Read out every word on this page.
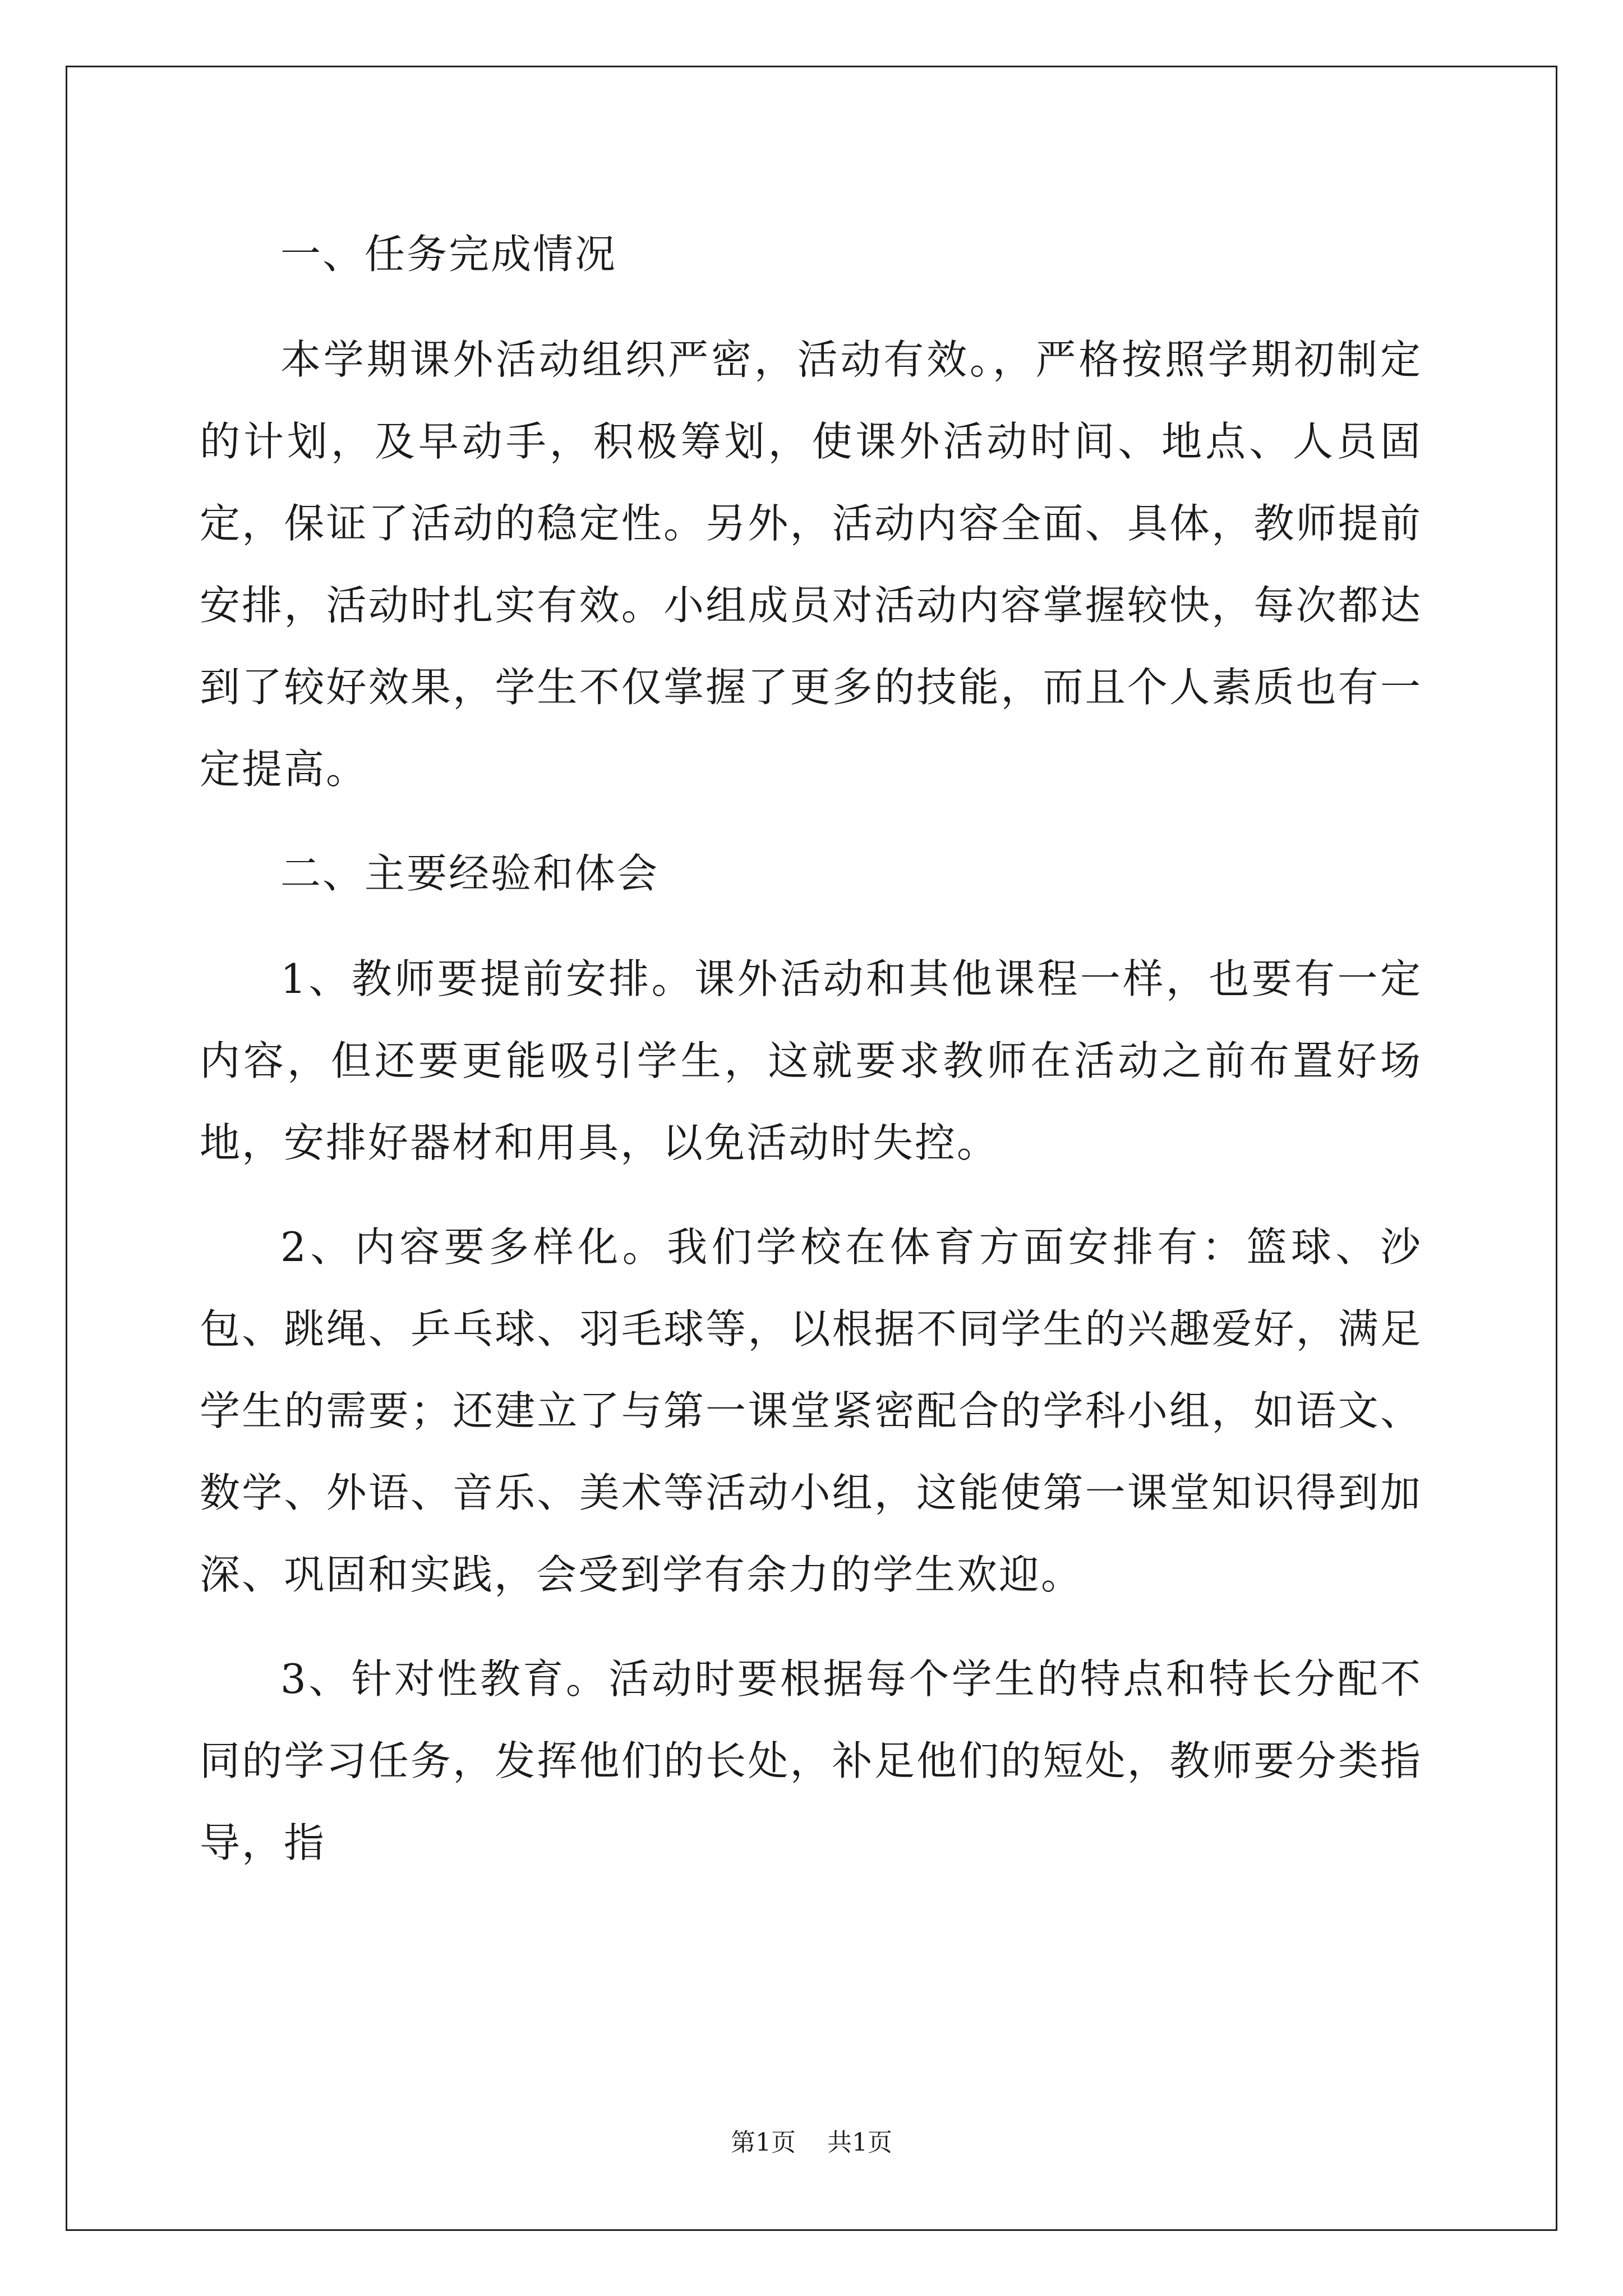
一、任务完成情况

本学期课外活动组织严密，活动有效。，严格按照学期初制定的计划，及早动手，积极筹划，使课外活动时间、地点、人员固定，保证了活动的稳定性。另外，活动内容全面、具体，教师提前安排，活动时扎实有效。小组成员对活动内容掌握较快，每次都达到了较好效果，学生不仅掌握了更多的技能，而且个人素质也有一定提高。

二、主要经验和体会

1、教师要提前安排。课外活动和其他课程一样，也要有一定内容，但还要更能吸引学生，这就要求教师在活动之前布置好场地，安排好器材和用具，以免活动时失控。

2、内容要多样化。我们学校在体育方面安排有：篮球、沙包、跳绳、乒乓球、羽毛球等，以根据不同学生的兴趣爱好，满足学生的需要；还建立了与第一课堂紧密配合的学科小组，如语文、数学、外语、音乐、美术等活动小组，这能使第一课堂知识得到加深、巩固和实践，会受到学有余力的学生欢迎。

3、针对性教育。活动时要根据每个学生的特点和特长分配不同的学习任务，发挥他们的长处，补足他们的短处，教师要分类指导，指

第1页 共1页
